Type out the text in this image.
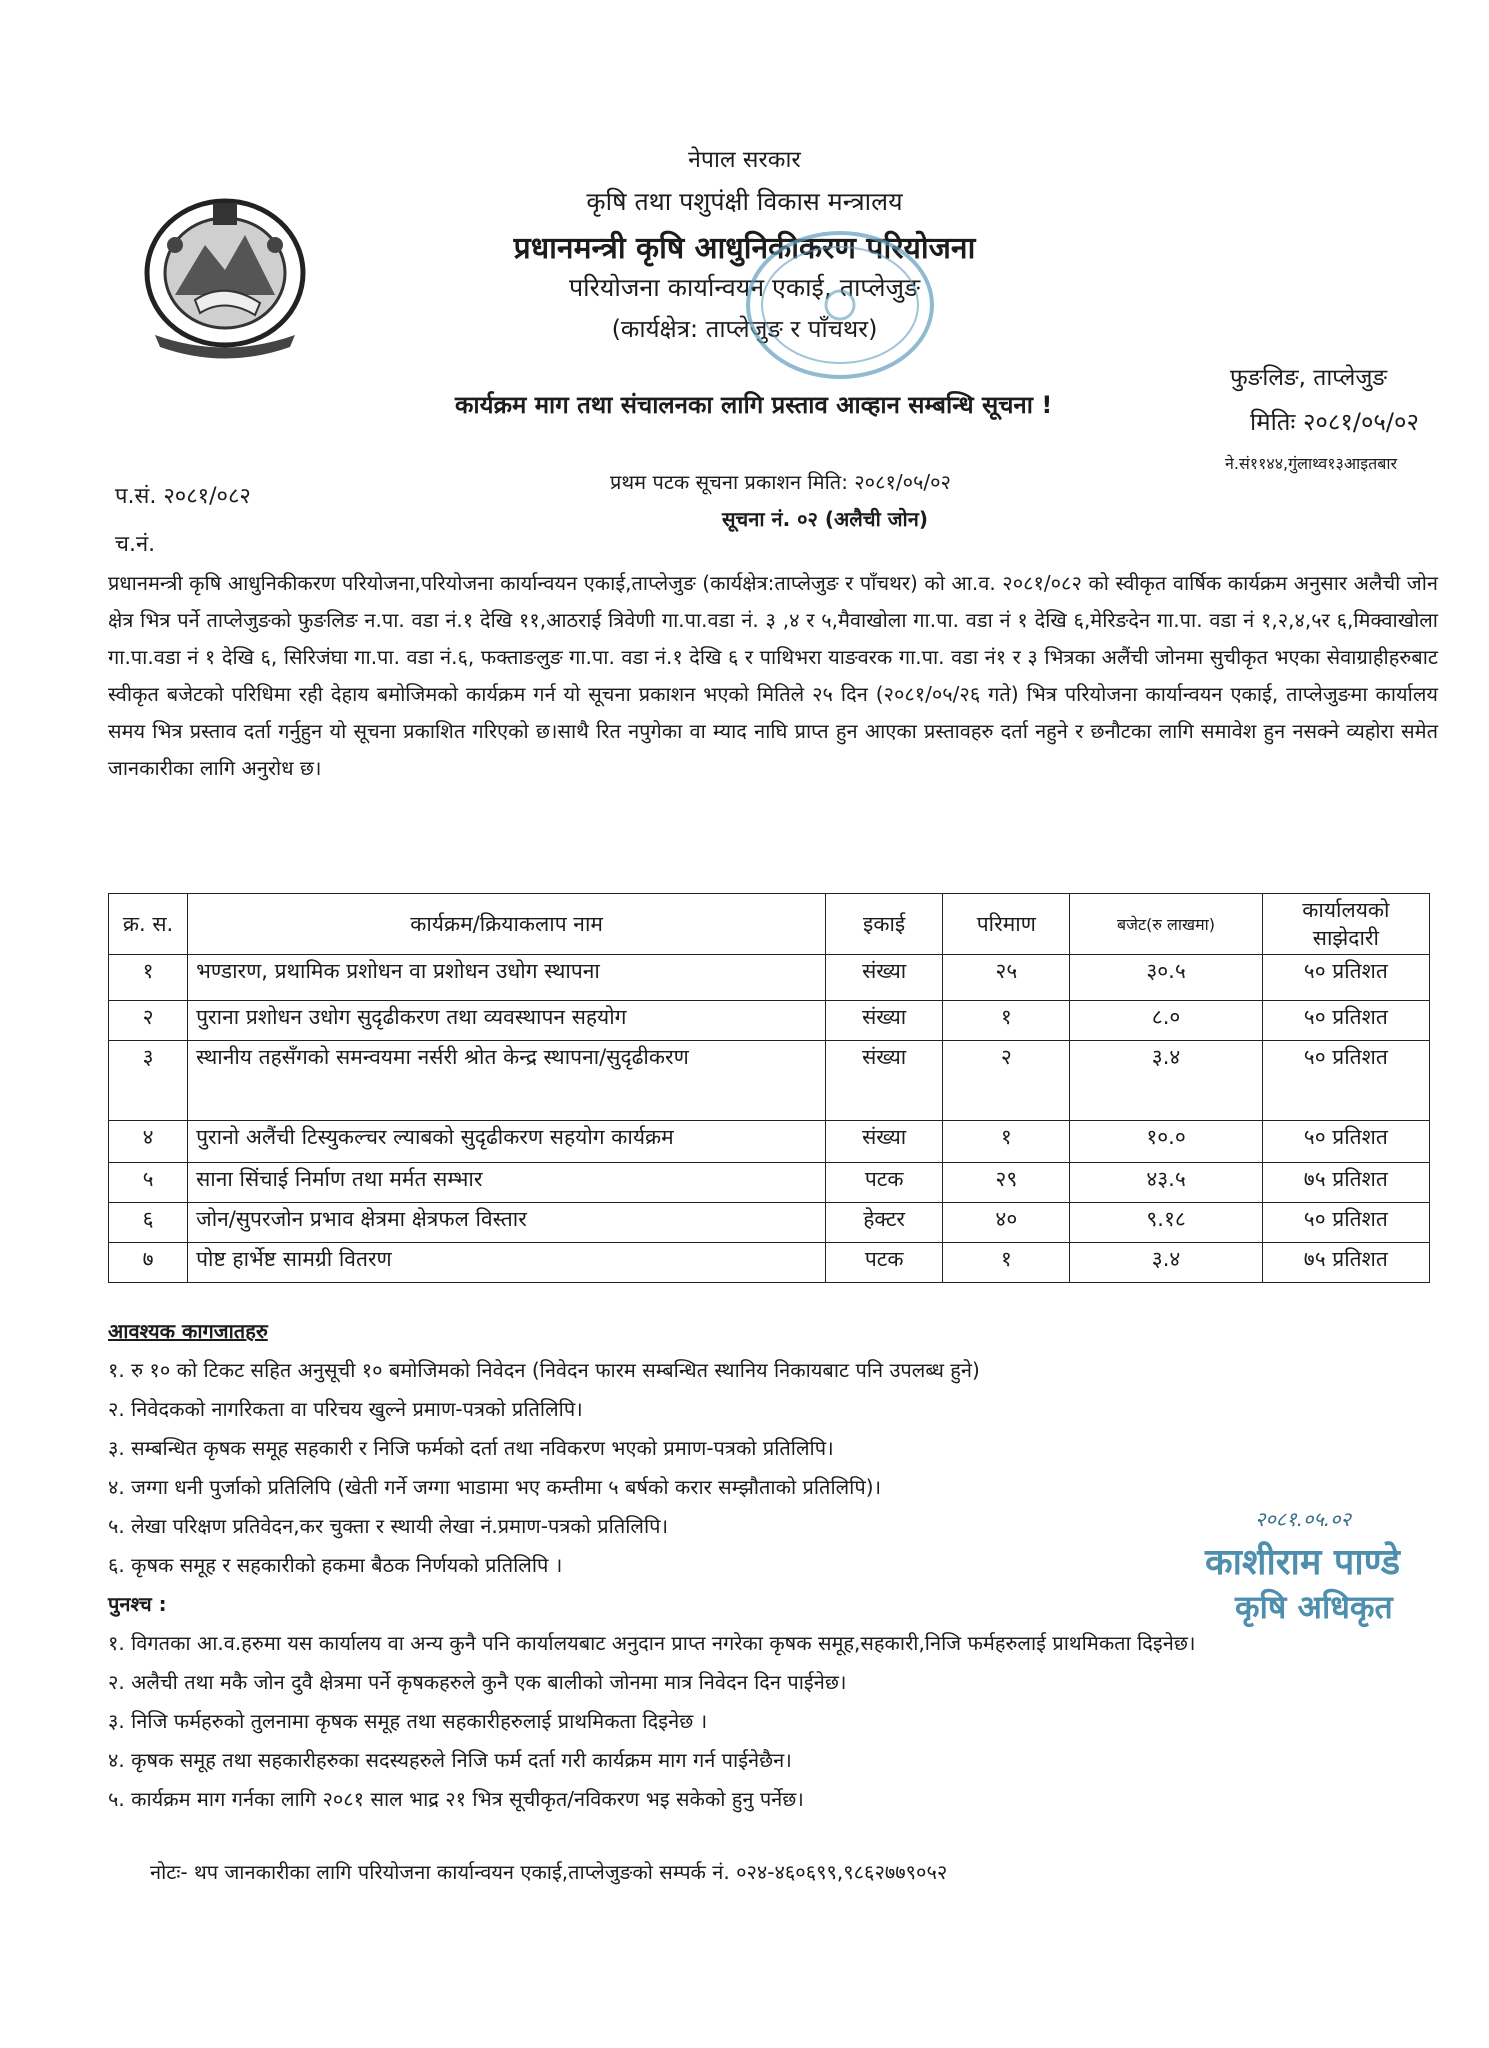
नेपाल सरकार
कृषि तथा पशुपंक्षी विकास मन्त्रालय
प्रधानमन्त्री कृषि आधुनिकीकरण परियोजना
परियोजना कार्यान्वयन एकाई, ताप्लेजुङ
(कार्यक्षेत्र: ताप्लेजुङ र पाँचथर)
फुङलिङ, ताप्लेजुङ
मितिः २०८१/०५/०२
ने.सं११४४,गुंलाथ्व१३आइतबार
कार्यक्रम माग तथा संचालनका लागि प्रस्ताव आव्हान सम्बन्धि सूचना !
प.सं. २०८१/०८२
च.नं.
प्रथम पटक सूचना प्रकाशन मिति: २०८१/०५/०२
सूचना नं. ०२ (अलैची जोन)
प्रधानमन्त्री कृषि आधुनिकीकरण परियोजना,परियोजना कार्यान्वयन एकाई,ताप्लेजुङ (कार्यक्षेत्र:ताप्लेजुङ र पाँचथर) को आ.व. २०८१/०८२ को स्वीकृत वार्षिक कार्यक्रम अनुसार अलैची जोन क्षेत्र भित्र पर्ने ताप्लेजुङको फुङलिङ न.पा. वडा नं.१ देखि ११,आठराई त्रिवेणी गा.पा.वडा नं. ३ ,४ र ५,मैवाखोला गा.पा. वडा नं १ देखि ६,मेरिङदेन गा.पा. वडा नं १,२,४,५र ६,मिक्वाखोला गा.पा.वडा नं १ देखि ६, सिरिजंघा गा.पा. वडा नं.६, फक्ताङलुङ गा.पा. वडा नं.१ देखि ६ र पाथिभरा याङवरक गा.पा. वडा नं१ र ३ भित्रका अलैंची जोनमा सुचीकृत भएका सेवाग्राहीहरुबाट स्वीकृत बजेटको परिधिमा रही देहाय बमोजिमको कार्यक्रम गर्न यो सूचना प्रकाशन भएको मितिले २५ दिन (२०८१/०५/२६ गते) भित्र परियोजना कार्यान्वयन एकाई, ताप्लेजुङमा कार्यालय समय भित्र प्रस्ताव दर्ता गर्नुहुन यो सूचना प्रकाशित गरिएको छ।साथै रित नपुगेका वा म्याद नाघि प्राप्त हुन आएका प्रस्तावहरु दर्ता नहुने र छनौटका लागि समावेश हुन नसक्ने व्यहोरा समेत जानकारीका लागि अनुरोध छ।
क्र. स.	कार्यक्रम/क्रियाकलाप नाम	इकाई	परिमाण	बजेट(रु लाखमा)	कार्यालयको साझेदारी
१	भण्डारण, प्रथामिक प्रशोधन वा प्रशोधन उधोग स्थापना	संख्या	२५	३०.५	५० प्रतिशत
२	पुराना प्रशोधन उधोग सुदृढीकरण तथा व्यवस्थापन सहयोग	संख्या	१	८.०	५० प्रतिशत
३	स्थानीय तहसँगको समन्वयमा नर्सरी श्रोत केन्द्र स्थापना/सुदृढीकरण	संख्या	२	३.४	५० प्रतिशत
४	पुरानो अलैंची टिस्युकल्चर ल्याबको सुदृढीकरण सहयोग कार्यक्रम	संख्या	१	१०.०	५० प्रतिशत
५	साना सिंचाई निर्माण तथा मर्मत सम्भार	पटक	२९	४३.५	७५ प्रतिशत
६	जोन/सुपरजोन प्रभाव क्षेत्रमा क्षेत्रफल विस्तार	हेक्टर	४०	९.१८	५० प्रतिशत
७	पोष्ट हार्भेष्ट सामग्री वितरण	पटक	१	३.४	७५ प्रतिशत
आवश्यक कागजातहरु
१. रु १० को टिकट सहित अनुसूची १० बमोजिमको निवेदन (निवेदन फारम सम्बन्धित स्थानिय निकायबाट पनि उपलब्ध हुने)
२. निवेदकको नागरिकता वा परिचय खुल्ने प्रमाण-पत्रको प्रतिलिपि।
३. सम्बन्धित कृषक समूह सहकारी र निजि फर्मको दर्ता तथा नविकरण भएको प्रमाण-पत्रको प्रतिलिपि।
४. जग्गा धनी पुर्जाको प्रतिलिपि (खेती गर्ने जग्गा भाडामा भए कम्तीमा ५ बर्षको करार सम्झौताको प्रतिलिपि)।
५. लेखा परिक्षण प्रतिवेदन,कर चुक्ता र स्थायी लेखा नं.प्रमाण-पत्रको प्रतिलिपि।
६. कृषक समूह र सहकारीको हकमा बैठक निर्णयको प्रतिलिपि ।
२०८१.०५.०२
काशीराम पाण्डे
कृषि अधिकृत
पुनश्च :
१. विगतका आ.व.हरुमा यस कार्यालय वा अन्य कुनै पनि कार्यालयबाट अनुदान प्राप्त नगरेका कृषक समूह,सहकारी,निजि फर्महरुलाई प्राथमिकता दिइनेछ।
२. अलैची तथा मकै जोन दुवै क्षेत्रमा पर्ने कृषकहरुले कुनै एक बालीको जोनमा मात्र निवेदन दिन पाईनेछ।
३. निजि फर्महरुको तुलनामा कृषक समूह तथा सहकारीहरुलाई प्राथमिकता दिइनेछ ।
४. कृषक समूह तथा सहकारीहरुका सदस्यहरुले निजि फर्म दर्ता गरी कार्यक्रम माग गर्न पाईनेछैन।
५. कार्यक्रम माग गर्नका लागि २०८१ साल भाद्र २१ भित्र सूचीकृत/नविकरण भइ सकेको हुनु पर्नेछ।
नोटः- थप जानकारीका लागि परियोजना कार्यान्वयन एकाई,ताप्लेजुङको सम्पर्क नं. ०२४-४६०६९९,९८६२७७९०५२
